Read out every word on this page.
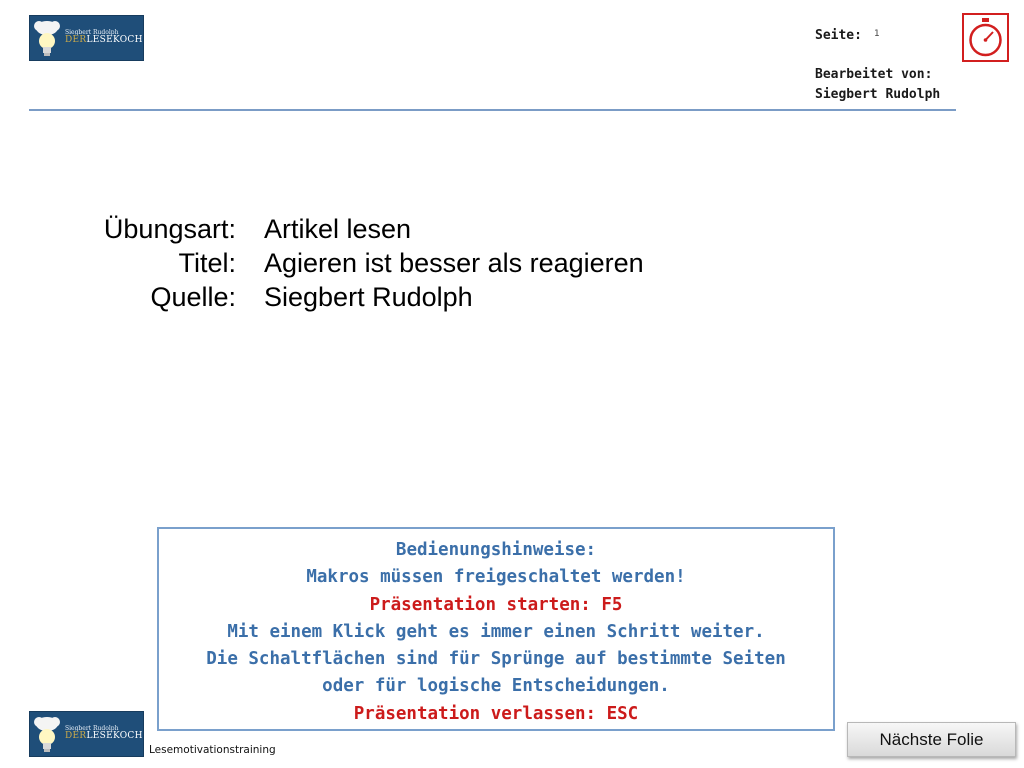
Siegbert Rudolph
DERLESEKOCH	Seite: 1
Bearbeitet von:
Siegbert Rudolph
Übungsart: Artikel lesen
Titel: Agieren ist besser als reagieren
Quelle: Siegbert Rudolph
Bedienungshinweise:
Makros müssen freigeschaltet werden!
Präsentation starten: F5
Mit einem Klick geht es immer einen Schritt weiter.
Die Schaltflächen sind für Sprünge auf bestimmte Seiten
oder für logische Entscheidungen.
Präsentation verlassen: ESC
Siegbert Rudolph
DERLESEKOCH
Lesemotivationstraining
Nächste Folie
